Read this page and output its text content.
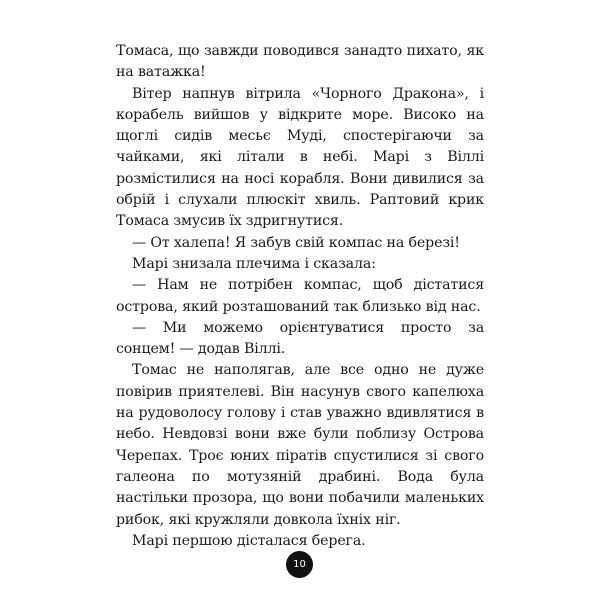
Томаса, що завжди поводився занадто пихато, як на ватажка!

Вітер напнув вітрила «Чорного Дракона», і корабель вийшов у відкрите море. Високо на щоглі сидів месьє Муді, спостерігаючи за чайками, які літали в небі. Марі з Віллі розмістилися на носі корабля. Вони дивилися за обрій і слухали плюскіт хвиль. Раптовий крик Томаса змусив їх здригнутися.

— От халепа! Я забув свій компас на березі!

Марі знизала плечима і сказала:

— Нам не потрібен компас, щоб дістатися острова, який розташований так близько від нас.

— Ми можемо орієнтуватися просто за сонцем! — додав Віллі.

Томас не наполягав, але все одно не дуже повірив приятелеві. Він насунув свого капелюха на рудоволосу голову і став уважно вдивлятися в небо. Невдовзі вони вже були поблизу Острова Черепах. Троє юних піратів спустилися зі свого галеона по мотузяній драбині. Вода була настільки прозора, що вони побачили маленьких рибок, які кружляли довкола їхніх ніг.

Марі першою дісталася берега.

10
